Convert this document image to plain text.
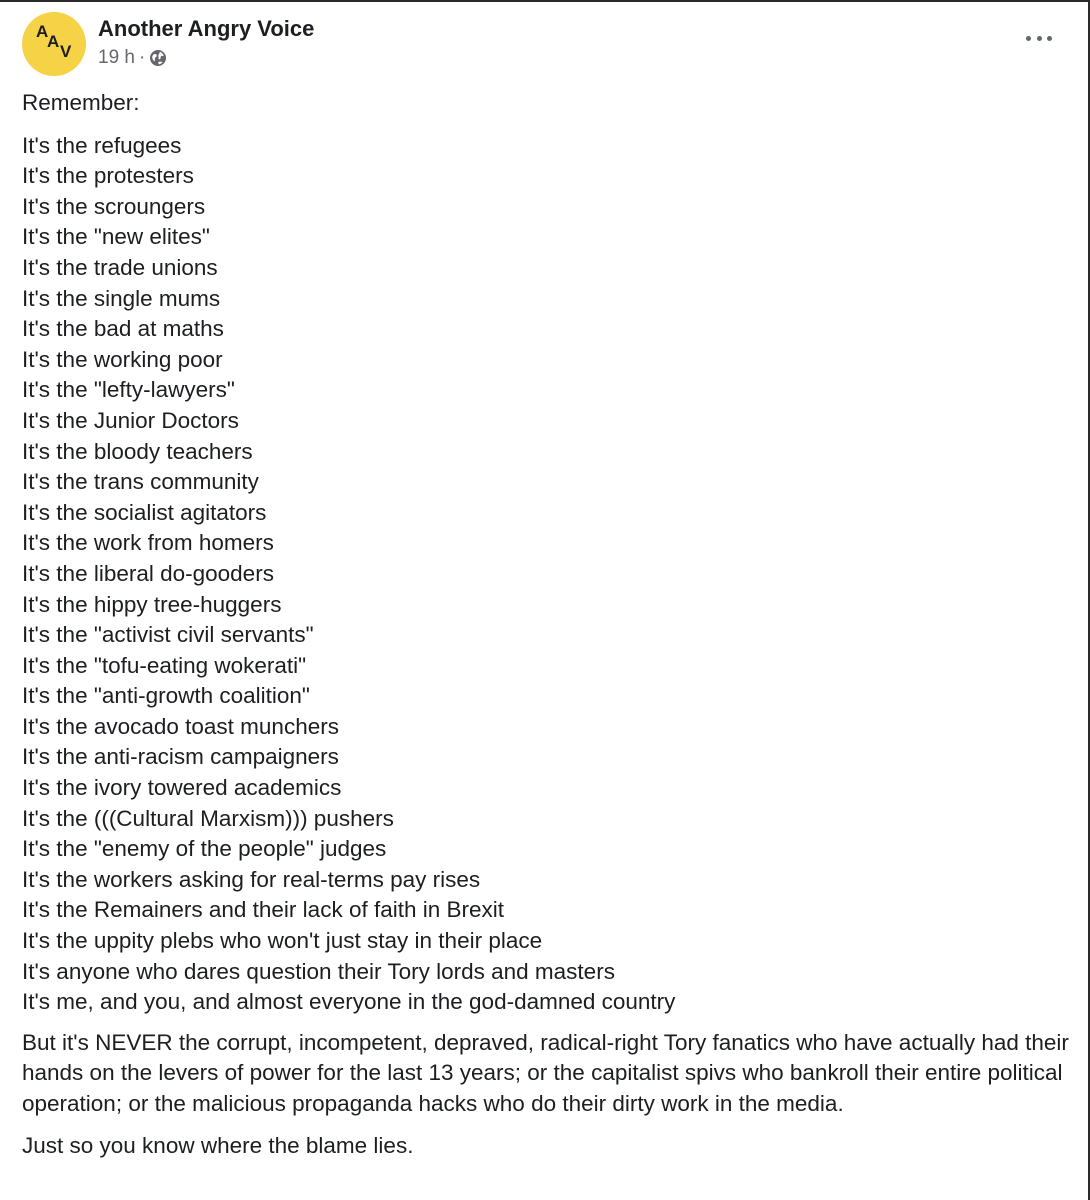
A
A
V
Another Angry Voice
19 h ·

Remember:

It's the refugees
It's the protesters
It's the scroungers
It's the "new elites"
It's the trade unions
It's the single mums
It's the bad at maths
It's the working poor
It's the "lefty-lawyers"
It's the Junior Doctors
It's the bloody teachers
It's the trans community
It's the socialist agitators
It's the work from homers
It's the liberal do-gooders
It's the hippy tree-huggers
It's the "activist civil servants"
It's the "tofu-eating wokerati"
It's the "anti-growth coalition"
It's the avocado toast munchers
It's the anti-racism campaigners
It's the ivory towered academics
It's the (((Cultural Marxism))) pushers
It's the "enemy of the people" judges
It's the workers asking for real-terms pay rises
It's the Remainers and their lack of faith in Brexit
It's the uppity plebs who won't just stay in their place
It's anyone who dares question their Tory lords and masters
It's me, and you, and almost everyone in the god-damned country

But it's NEVER the corrupt, incompetent, depraved, radical-right Tory fanatics who have actually had their hands on the levers of power for the last 13 years; or the capitalist spivs who bankroll their entire political operation; or the malicious propaganda hacks who do their dirty work in the media.

Just so you know where the blame lies.
